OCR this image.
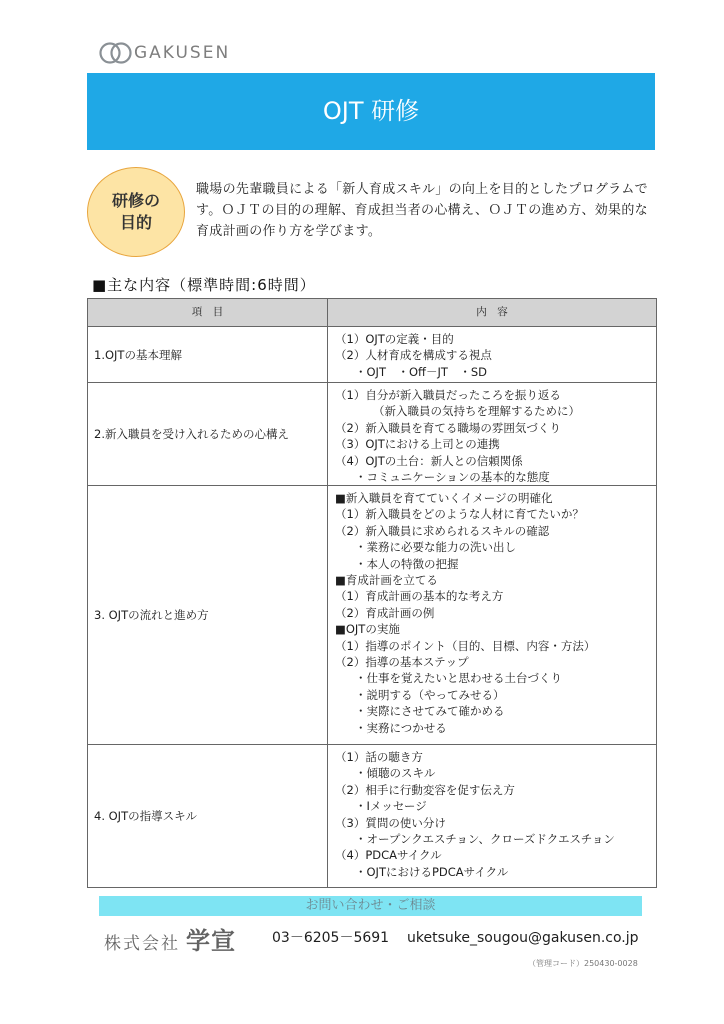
GAKUSEN
OJT 研修
研修の
目的
職場の先輩職員による「新人育成スキル」の向上を目的としたプログラムで
す。ＯＪＴの目的の理解、育成担当者の心構え、ＯＪＴの進め方、効果的な
育成計画の作り方を学びます。
■主な内容（標準時間:6時間）
項　目	内　容
1.OJTの基本理解
（1）OJTの定義・目的
（2）人材育成を構成する視点
・OJT　・Off－JT　・SD
2.新入職員を受け入れるための心構え
（1）自分が新入職員だったころを振り返る
（新入職員の気持ちを理解するために）
（2）新入職員を育てる職場の雰囲気づくり
（3）OJTにおける上司との連携
（4）OJTの土台：新人との信頼関係
・コミュニケーションの基本的な態度
3. OJTの流れと進め方
■新入職員を育てていくイメージの明確化
（1）新入職員をどのような人材に育てたいか？
（2）新入職員に求められるスキルの確認
・業務に必要な能力の洗い出し
・本人の特徴の把握
■育成計画を立てる
（1）育成計画の基本的な考え方
（2）育成計画の例
■OJTの実施
（1）指導のポイント（目的、目標、内容・方法）
（2）指導の基本ステップ
・仕事を覚えたいと思わせる土台づくり
・説明する（やってみせる）
・実際にさせてみて確かめる
・実務につかせる
4. OJTの指導スキル
（1）話の聴き方
・傾聴のスキル
（2）相手に行動変容を促す伝え方
・Iメッセージ
（3）質問の使い分け
・オープンクエスチョン、クローズドクエスチョン
（4）PDCAサイクル
・OJTにおけるPDCAサイクル
お問い合わせ・ご相談
株式会社 学宣	03－6205－5691 uketsuke_sougou@gakusen.co.jp
（管理コード）250430-0028
